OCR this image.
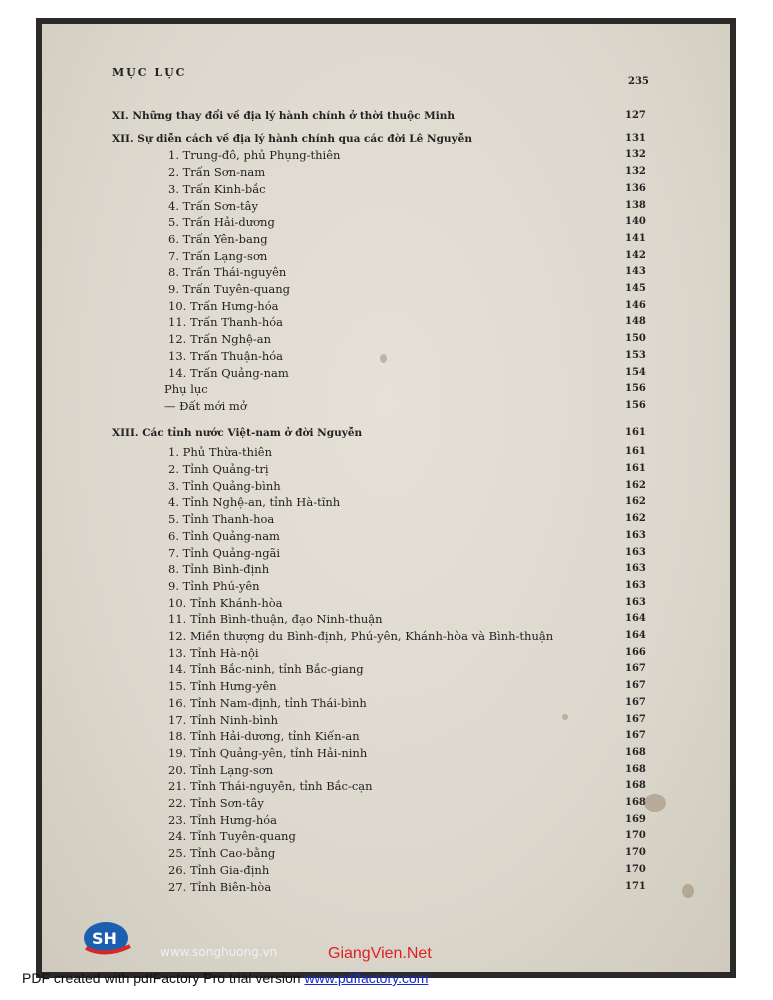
MỤC LỤC
235
XI. Những thay đổi về địa lý hành chính ở thời thuộc Minh	127
XII. Sự diễn cách về địa lý hành chính qua các đời Lê Nguyễn	131
1. Trung-đô, phủ Phụng-thiên	132
2. Trấn Sơn-nam	132
3. Trấn Kinh-bắc	136
4. Trấn Sơn-tây	138
5. Trấn Hải-dương	140
6. Trấn Yên-bang	141
7. Trấn Lạng-sơn	142
8. Trấn Thái-nguyên	143
9. Trấn Tuyên-quang	145
10. Trấn Hưng-hóa	146
11. Trấn Thanh-hóa	148
12. Trấn Nghệ-an	150
13. Trấn Thuận-hóa	153
14. Trấn Quảng-nam	154
Phụ lục	156
— Đất mới mở	156
XIII. Các tỉnh nước Việt-nam ở đời Nguyễn	161
1. Phủ Thừa-thiên	161
2. Tỉnh Quảng-trị	161
3. Tỉnh Quảng-bình	162
4. Tỉnh Nghệ-an, tỉnh Hà-tĩnh	162
5. Tỉnh Thanh-hoa	162
6. Tỉnh Quảng-nam	163
7. Tỉnh Quảng-ngãi	163
8. Tỉnh Bình-định	163
9. Tỉnh Phú-yên	163
10. Tỉnh Khánh-hòa	163
11. Tỉnh Bình-thuận, đạo Ninh-thuận	164
12. Miền thượng du Bình-định, Phú-yên, Khánh-hòa và Bình-thuận	164
13. Tỉnh Hà-nội	166
14. Tỉnh Bắc-ninh, tỉnh Bắc-giang	167
15. Tỉnh Hưng-yên	167
16. Tỉnh Nam-định, tỉnh Thái-bình	167
17. Tỉnh Ninh-bình	167
18. Tỉnh Hải-dương, tỉnh Kiến-an	167
19. Tỉnh Quảng-yên, tỉnh Hải-ninh	168
20. Tỉnh Lạng-sơn	168
21. Tỉnh Thái-nguyên, tỉnh Bắc-cạn	168
22. Tỉnh Sơn-tây	168
23. Tỉnh Hưng-hóa	169
24. Tỉnh Tuyên-quang	170
25. Tỉnh Cao-bằng	170
26. Tỉnh Gia-định	170
27. Tỉnh Biên-hòa	171
SH
www.songhuong.vn	GiangVien.Net
PDF created with pdfFactory Pro trial version www.pdffactory.com
